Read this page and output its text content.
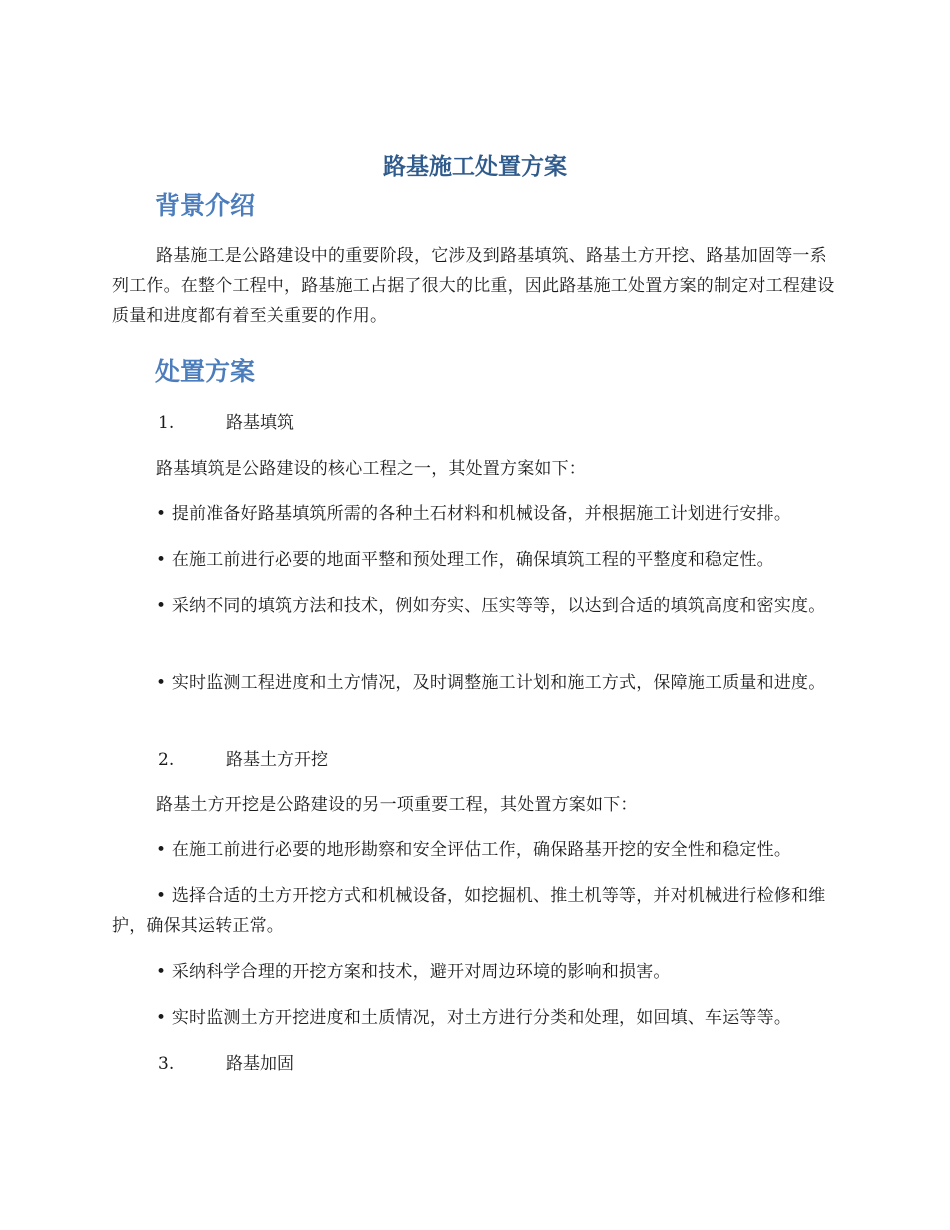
路基施工处置方案
背景介绍

路基施工是公路建设中的重要阶段，它涉及到路基填筑、路基土方开挖、路基加固等一系列工作。在整个工程中，路基施工占据了很大的比重，因此路基施工处置方案的制定对工程建设质量和进度都有着至关重要的作用。

处置方案

1.	路基填筑

路基填筑是公路建设的核心工程之一，其处置方案如下：

• 提前准备好路基填筑所需的各种土石材料和机械设备，并根据施工计划进行安排。

• 在施工前进行必要的地面平整和预处理工作，确保填筑工程的平整度和稳定性。

• 采纳不同的填筑方法和技术，例如夯实、压实等等，以达到合适的填筑高度和密实度。

• 实时监测工程进度和土方情况，及时调整施工计划和施工方式，保障施工质量和进度。

2.	路基土方开挖

路基土方开挖是公路建设的另一项重要工程，其处置方案如下：

• 在施工前进行必要的地形勘察和安全评估工作，确保路基开挖的安全性和稳定性。

• 选择合适的土方开挖方式和机械设备，如挖掘机、推土机等等，并对机械进行检修和维护，确保其运转正常。

• 采纳科学合理的开挖方案和技术，避开对周边环境的影响和损害。

• 实时监测土方开挖进度和土质情况，对土方进行分类和处理，如回填、车运等等。

3.	路基加固
